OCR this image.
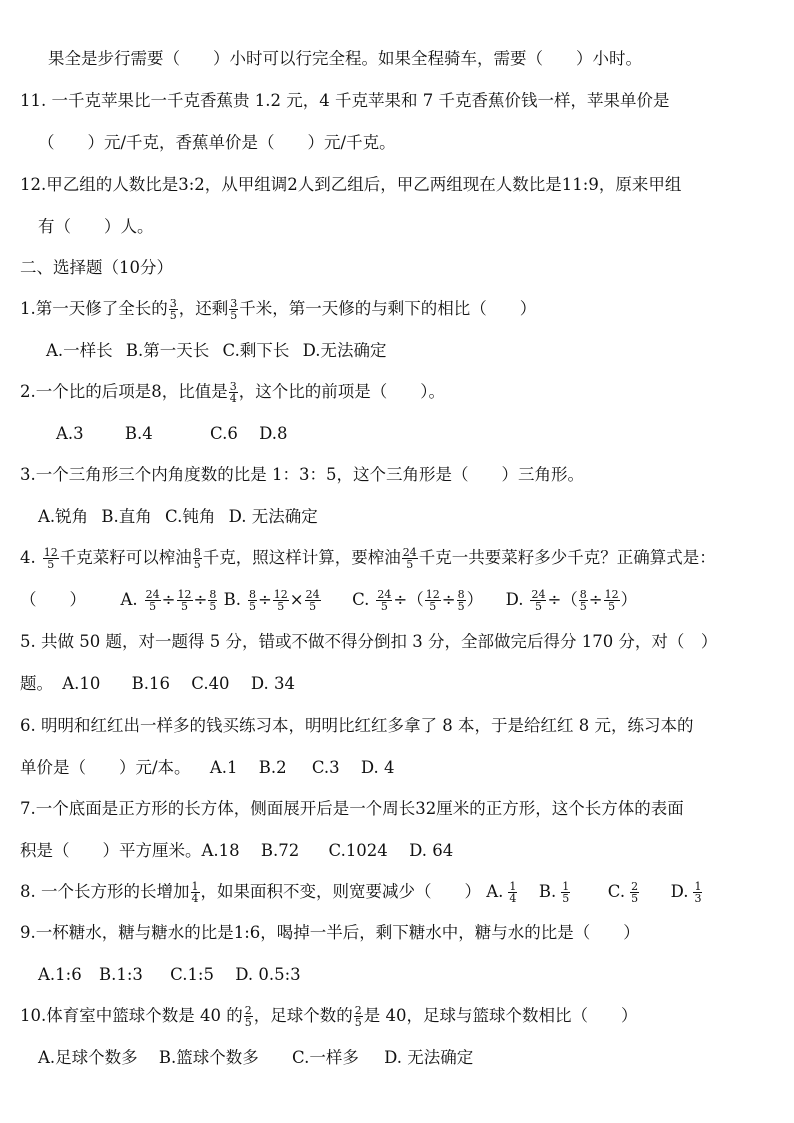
果全是步行需要（　　）小时可以行完全程。如果全程骑车，需要（　　）小时。
11. 一千克苹果比一千克香蕉贵 1.2 元，4 千克苹果和 7 千克香蕉价钱一样，苹果单价是
（　　）元/千克，香蕉单价是（　　）元/千克。
12.甲乙组的人数比是3:2，从甲组调2人到乙组后，甲乙两组现在人数比是11:9，原来甲组
有（　　）人。
二、选择题（10分）
1.第一天修了全长的 $\frac{3}{5}$ ，还剩 $\frac{3}{5}$ 千米，第一天修的与剩下的相比（　　）
A.一样长 B.第一天长 C.剩下长 D.无法确定
2.一个比的后项是8，比值是 $\frac{3}{4}$ ，这个比的前项是（　　）。
A.3	B.4	C.6 D.8
3.一个三角形三个内角度数的比是 1：3：5，这个三角形是（　　）三角形。
A.锐角 B.直角 C.钝角 D. 无法确定
4. $\frac{12}{5}$ 千克菜籽可以榨油 $\frac{8}{5}$ 千克，照这样计算，要榨油 $\frac{24}{5}$ 千克一共要菜籽多少千克？正确算式是：
（　　） A. $\frac{24}{5} \div \frac{12}{5} \div \frac{8}{5} B$. $\frac{8}{5} \div \frac{12}{5} \times \frac{24}{5} C$. $\frac{24}{5}$ ÷（ $\frac{12}{5} \div \frac{8}{5}$ ） D. $\frac{24}{5}$ ÷（ $\frac{8}{5} \div \frac{12}{5}$ ）
5. 共做 50 题，对一题得 5 分，错或不做不得分倒扣 3 分，全部做完后得分 170 分，对（　）
题。 A.10 B.16 C.40 D. 34
6. 明明和红红出一样多的钱买练习本，明明比红红多拿了 8 本，于是给红红 8 元，练习本的
单价是（　　）元/本。 A.1 B.2 C.3 D. 4
7.一个底面是正方形的长方体，侧面展开后是一个周长32厘米的正方形，这个长方体的表面
积是（　　）平方厘米。A.18 B.72 C.1024 D. 64
8. 一个长方形的长增加 $\frac{1}{4}$ ，如果面积不变，则宽要减少（　　） A. $\frac{1}{4} B$. $\frac{1}{5} C$. $\frac{2}{5} D$. $\frac{1}{3}$
9.一杯糖水，糖与糖水的比是1:6，喝掉一半后，剩下糖水中，糖与水的比是（　　）
A.1:6 B.1:3 C.1:5 D. 0.5:3
10.体育室中篮球个数是 40 的 $\frac{2}{5}$ ，足球个数的 $\frac{2}{5}$ 是 40，足球与篮球个数相比（　　）
A.足球个数多 B.篮球个数多 C.一样多 D. 无法确定
